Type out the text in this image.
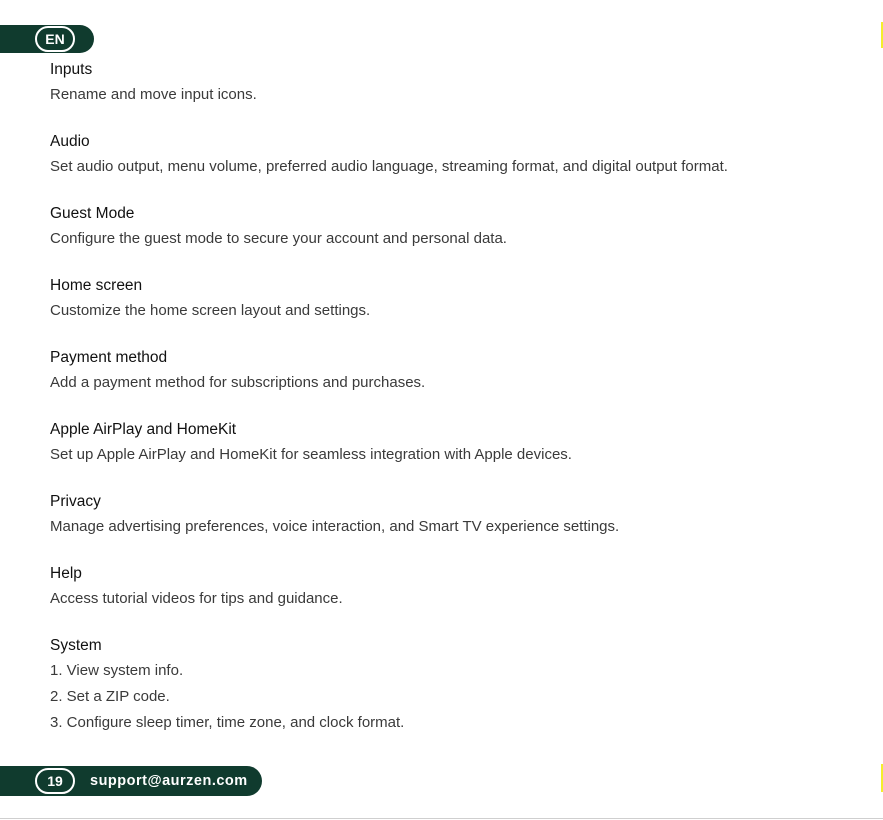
EN

Inputs

Rename and move input icons.

Audio

Set audio output, menu volume, preferred audio language, streaming format, and digital output format.

Guest Mode

Configure the guest mode to secure your account and personal data.

Home screen

Customize the home screen layout and settings.

Payment method

Add a payment method for subscriptions and purchases.

Apple AirPlay and HomeKit

Set up Apple AirPlay and HomeKit for seamless integration with Apple devices.

Privacy

Manage advertising preferences, voice interaction, and Smart TV experience settings.

Help

Access tutorial videos for tips and guidance.

System

1. View system info.
2. Set a ZIP code.
3. Configure sleep timer, time zone, and clock format.
19	support@aurzen.com
